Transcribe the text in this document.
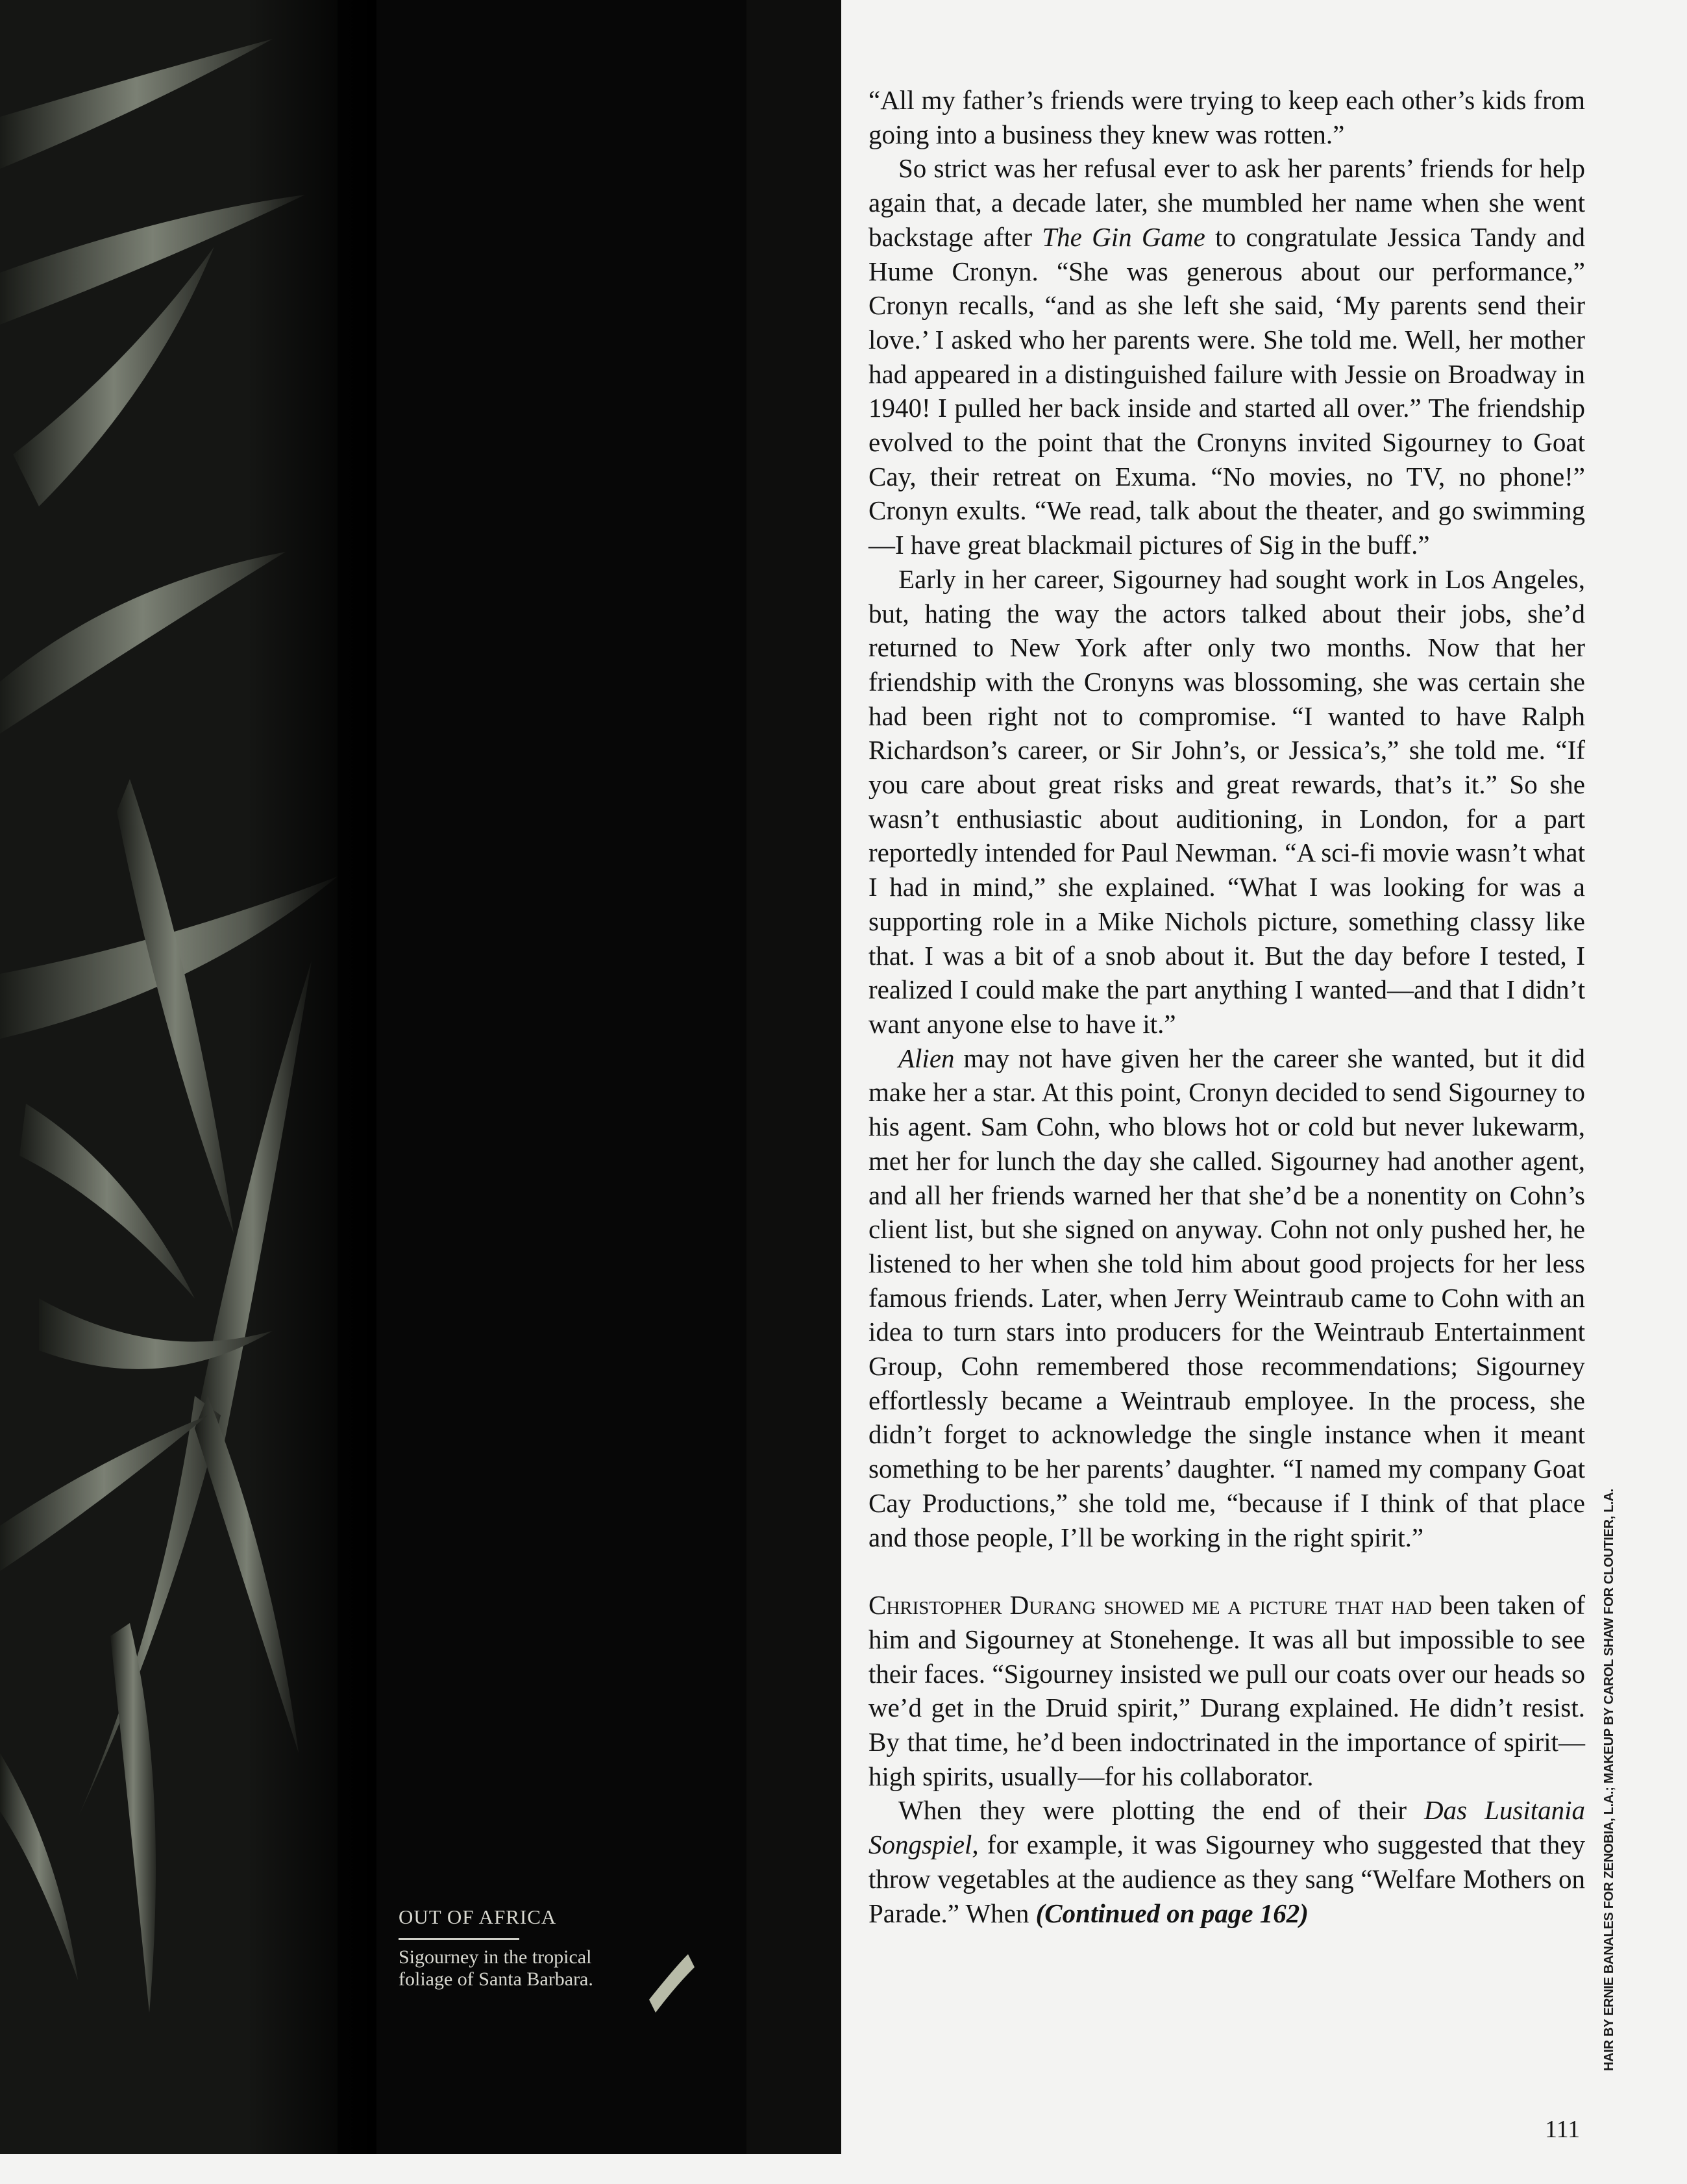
OUT OF AFRICA
Sigourney in the tropical foliage of Santa Barbara.

“All my father’s friends were trying to keep each other’s kids from going into a business they knew was rotten.”

So strict was her refusal ever to ask her parents’ friends for help again that, a decade later, she mumbled her name when she went backstage after The Gin Game to congratulate Jessica Tandy and Hume Cronyn. “She was generous about our performance,” Cronyn recalls, “and as she left she said, ‘My parents send their love.’ I asked who her parents were. She told me. Well, her mother had appeared in a distinguished failure with Jessie on Broadway in 1940! I pulled her back inside and started all over.” The friendship evolved to the point that the Cronyns invited Sigourney to Goat Cay, their retreat on Exuma. “No movies, no TV, no phone!” Cronyn exults. “We read, talk about the theater, and go swimming—I have great blackmail pictures of Sig in the buff.”

Early in her career, Sigourney had sought work in Los Angeles, but, hating the way the actors talked about their jobs, she’d returned to New York after only two months. Now that her friendship with the Cronyns was blossoming, she was certain she had been right not to compromise. “I wanted to have Ralph Richardson’s career, or Sir John’s, or Jessica’s,” she told me. “If you care about great risks and great rewards, that’s it.” So she wasn’t enthusiastic about auditioning, in London, for a part reportedly intended for Paul Newman. “A sci-fi movie wasn’t what I had in mind,” she explained. “What I was looking for was a supporting role in a Mike Nichols picture, something classy like that. I was a bit of a snob about it. But the day before I tested, I realized I could make the part anything I wanted—and that I didn’t want anyone else to have it.”

Alien may not have given her the career she wanted, but it did make her a star. At this point, Cronyn decided to send Sigourney to his agent. Sam Cohn, who blows hot or cold but never lukewarm, met her for lunch the day she called. Sigourney had another agent, and all her friends warned her that she’d be a nonentity on Cohn’s client list, but she signed on anyway. Cohn not only pushed her, he listened to her when she told him about good projects for her less famous friends. Later, when Jerry Weintraub came to Cohn with an idea to turn stars into producers for the Weintraub Entertainment Group, Cohn remembered those recommendations; Sigourney effortlessly became a Weintraub employee. In the process, she didn’t forget to acknowledge the single instance when it meant something to be her parents’ daughter. “I named my company Goat Cay Productions,” she told me, “because if I think of that place and those people, I’ll be working in the right spirit.”

Christopher Durang showed me a picture that had been taken of him and Sigourney at Stonehenge. It was all but impossible to see their faces. “Sigourney insisted we pull our coats over our heads so we’d get in the Druid spirit,” Durang explained. He didn’t resist. By that time, he’d been indoctrinated in the importance of spirit—high spirits, usually—for his collaborator.

When they were plotting the end of their Das Lusitania Songspiel, for example, it was Sigourney who suggested that they throw vegetables at the audience as they sang “Welfare Mothers on Parade.” When (Continued on page 162)	HAIR BY ERNIE BANALES FOR ZENOBIA, L.A.; MAKEUP BY CAROL SHAW FOR CLOUTIER, L.A.
111
